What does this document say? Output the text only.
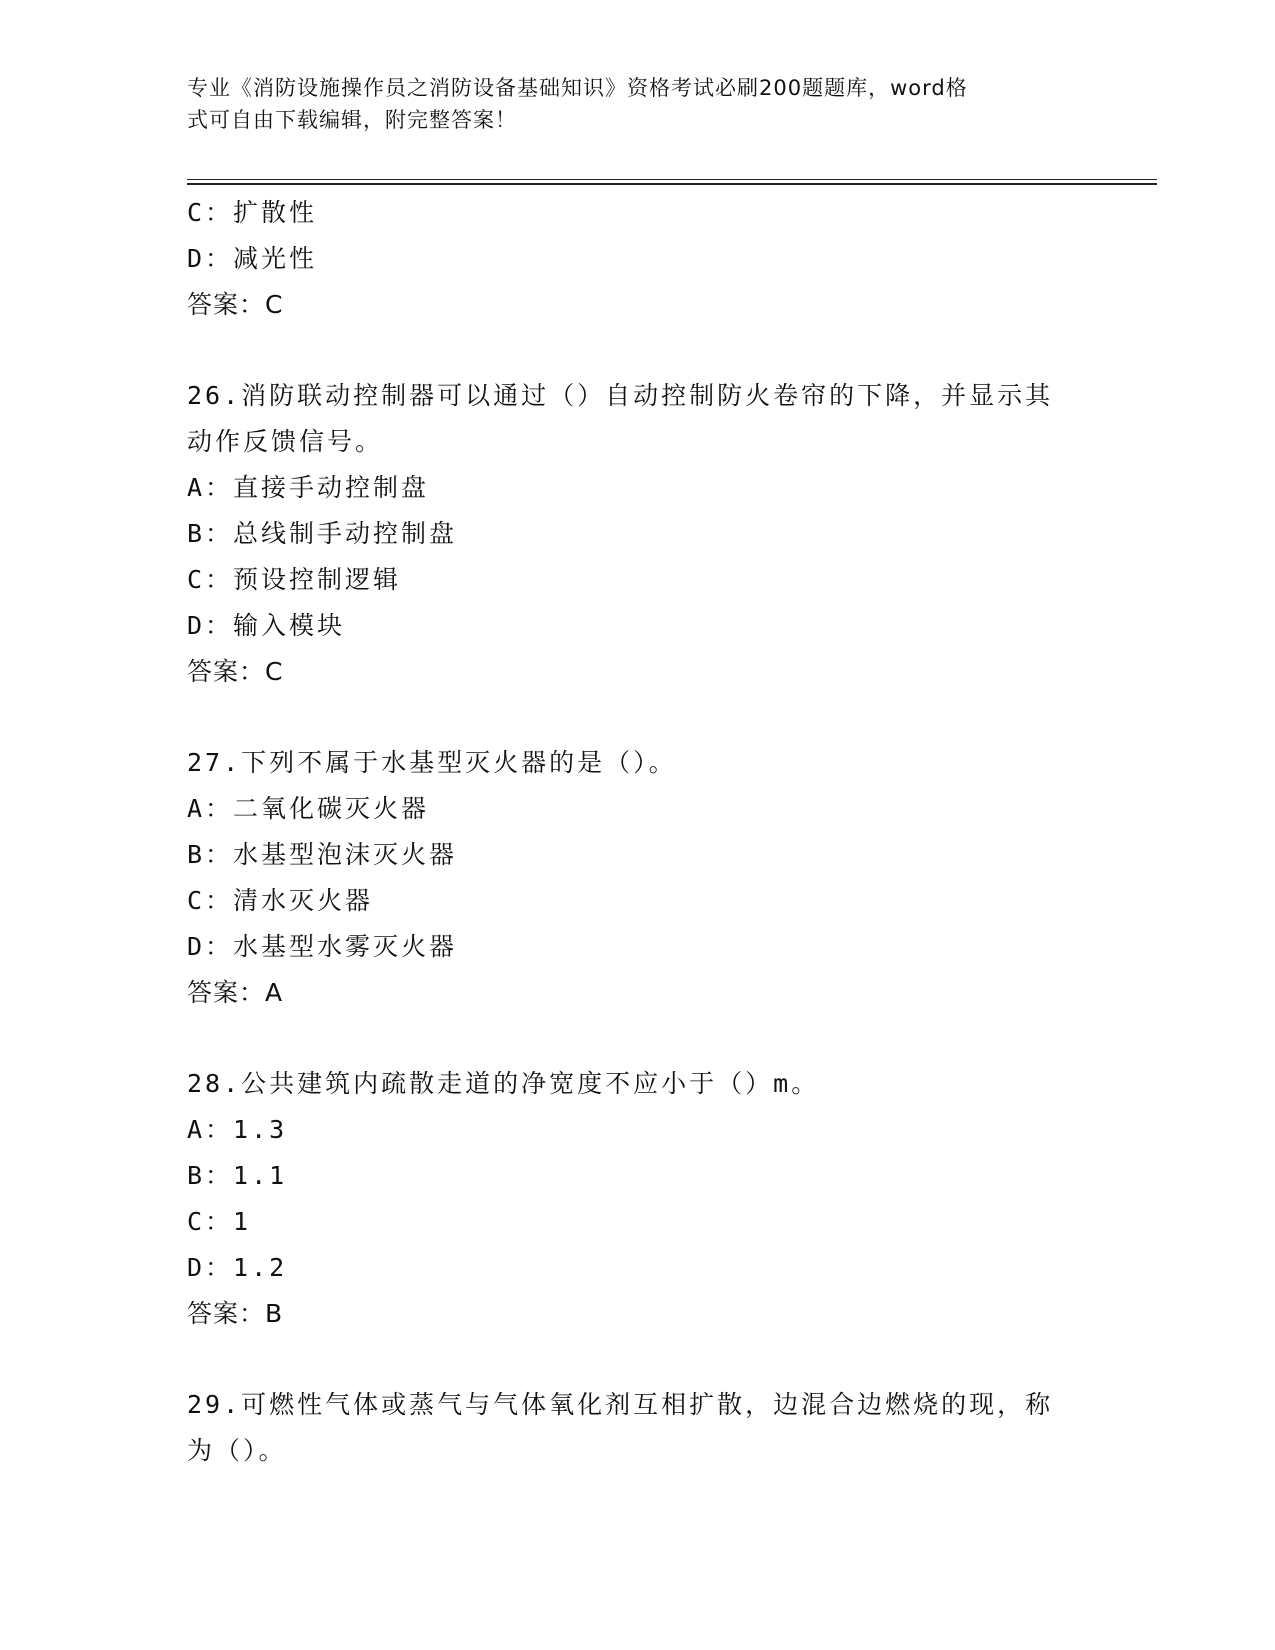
专业《消防设施操作员之消防设备基础知识》资格考试必刷200题题库，word格
式可自由下载编辑，附完整答案！
C：扩散性
D：减光性
答案：C
26.消防联动控制器可以通过（）自动控制防火卷帘的下降，并显示其
动作反馈信号。
A：直接手动控制盘
B：总线制手动控制盘
C：预设控制逻辑
D：输入模块
答案：C
27.下列不属于水基型灭火器的是（）。
A：二氧化碳灭火器
B：水基型泡沫灭火器
C：清水灭火器
D：水基型水雾灭火器
答案：A
28.公共建筑内疏散走道的净宽度不应小于（）m。
A：1.3
B：1.1
C：1
D：1.2
答案：B
29.可燃性气体或蒸气与气体氧化剂互相扩散，边混合边燃烧的现，称
为（）。
